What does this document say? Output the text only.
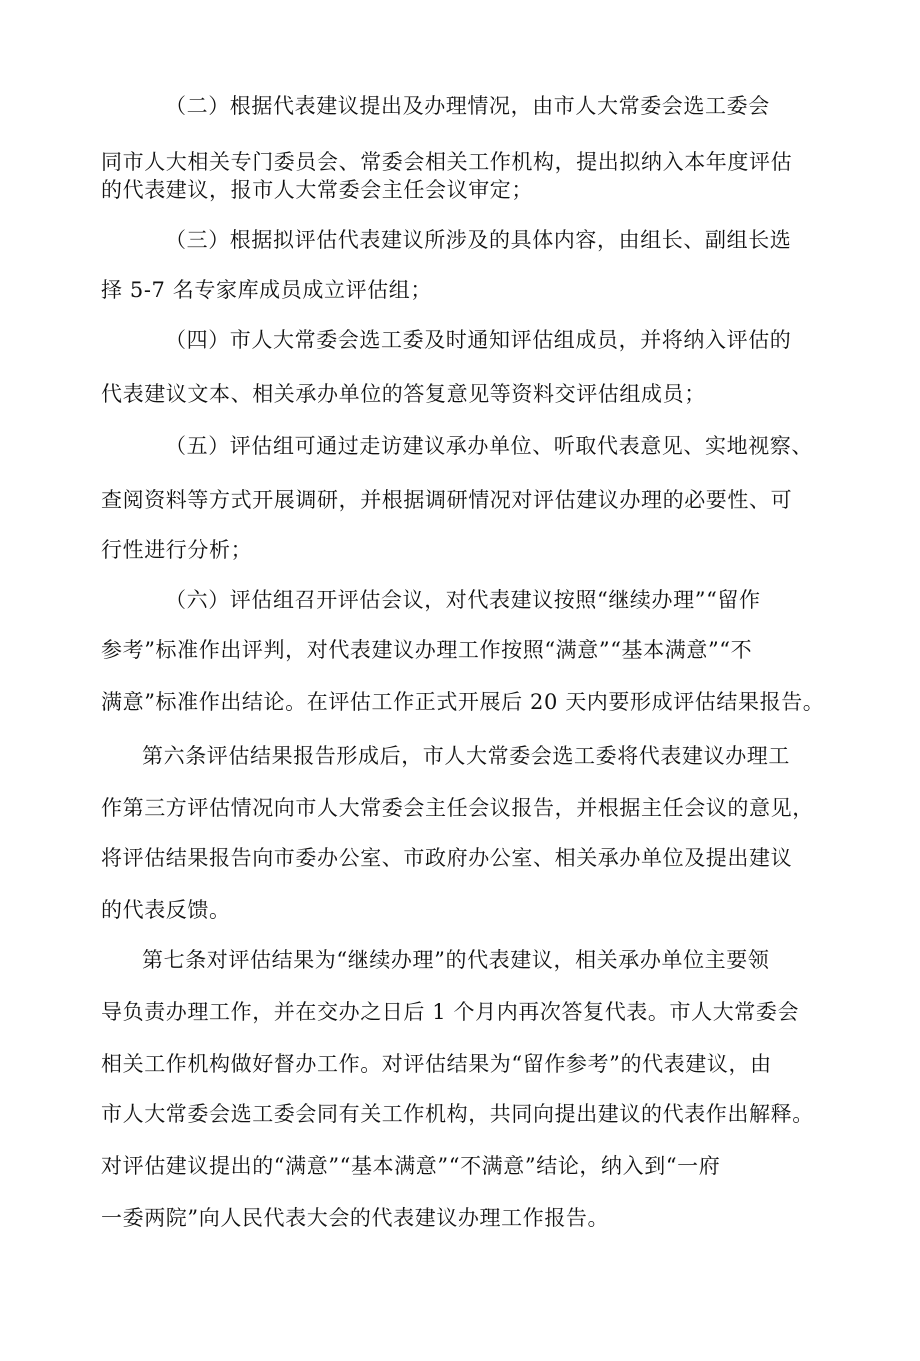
（二）根据代表建议提出及办理情况，由市人大常委会选工委会
同市人大相关专门委员会、常委会相关工作机构，提出拟纳入本年度评估
的代表建议，报市人大常委会主任会议审定；
（三）根据拟评估代表建议所涉及的具体内容，由组长、副组长选
择 5-7 名专家库成员成立评估组；
（四）市人大常委会选工委及时通知评估组成员，并将纳入评估的
代表建议文本、相关承办单位的答复意见等资料交评估组成员；
（五）评估组可通过走访建议承办单位、听取代表意见、实地视察、
查阅资料等方式开展调研，并根据调研情况对评估建议办理的必要性、可
行性进行分析；
（六）评估组召开评估会议，对代表建议按照“继续办理”“留作
参考”标准作出评判，对代表建议办理工作按照“满意”“基本满意”“不
满意”标准作出结论。在评估工作正式开展后 20 天内要形成评估结果报告。
第六条评估结果报告形成后，市人大常委会选工委将代表建议办理工
作第三方评估情况向市人大常委会主任会议报告，并根据主任会议的意见，
将评估结果报告向市委办公室、市政府办公室、相关承办单位及提出建议
的代表反馈。
第七条对评估结果为“继续办理”的代表建议，相关承办单位主要领
导负责办理工作，并在交办之日后 1 个月内再次答复代表。市人大常委会
相关工作机构做好督办工作。对评估结果为“留作参考”的代表建议，由
市人大常委会选工委会同有关工作机构，共同向提出建议的代表作出解释。
对评估建议提出的“满意”“基本满意”“不满意”结论，纳入到“一府
一委两院”向人民代表大会的代表建议办理工作报告。
